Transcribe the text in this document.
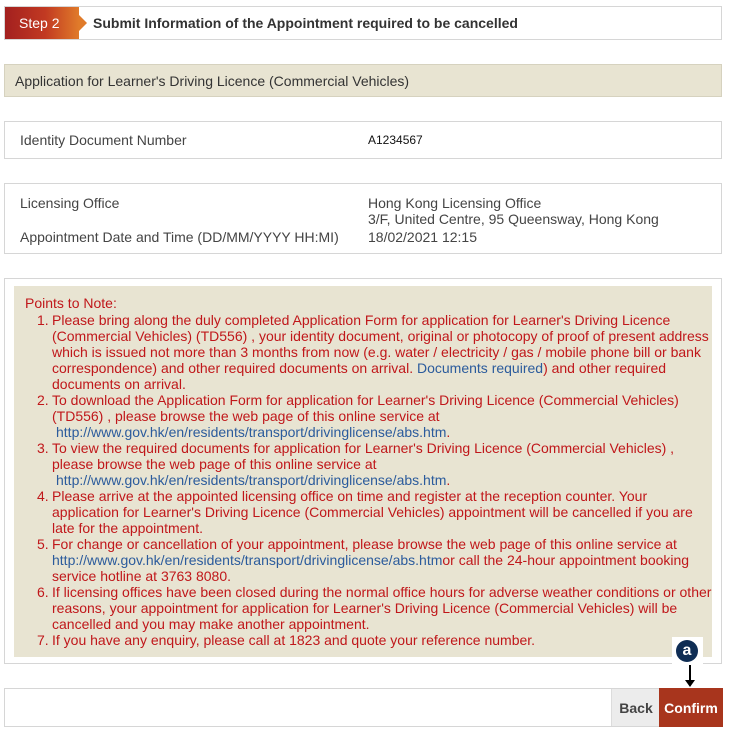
Step 2	Submit Information of the Appointment required to be cancelled
Application for Learner's Driving Licence (Commercial Vehicles)
Identity Document Number	A1234567
Licensing Office	Hong Kong Licensing Office
3/F, United Centre, 95 Queensway, Hong Kong
Appointment Date and Time (DD/MM/YYYY HH:MI) 18/02/2021 12:15
Points to Note:
1. Please bring along the duly completed Application Form for application for Learner's Driving Licence (Commercial Vehicles) (TD556) , your identity document, original or photocopy of proof of present address which is issued not more than 3 months from now (e.g. water / electricity / gas / mobile phone bill or bank correspondence) and other required documents on arrival. Documents required) and other required documents on arrival.
2. To download the Application Form for application for Learner's Driving Licence (Commercial Vehicles) (TD556) , please browse the web page of this online service at
http://www.gov.hk/en/residents/transport/drivinglicense/abs.htm.
3. To view the required documents for application for Learner's Driving Licence (Commercial Vehicles) , please browse the web page of this online service at
http://www.gov.hk/en/residents/transport/drivinglicense/abs.htm.
4. Please arrive at the appointed licensing office on time and register at the reception counter. Your application for Learner's Driving Licence (Commercial Vehicles) appointment will be cancelled if you are late for the appointment.
5. For change or cancellation of your appointment, please browse the web page of this online service at http://www.gov.hk/en/residents/transport/drivinglicense/abs.htmor call the 24-hour appointment booking service hotline at 3763 8080.
6. If licensing offices have been closed during the normal office hours for adverse weather conditions or other reasons, your appointment for application for Learner's Driving Licence (Commercial Vehicles) will be cancelled and you may make another appointment.
7. If you have any enquiry, please call at 1823 and quote your reference number.
a
Back Confirm
